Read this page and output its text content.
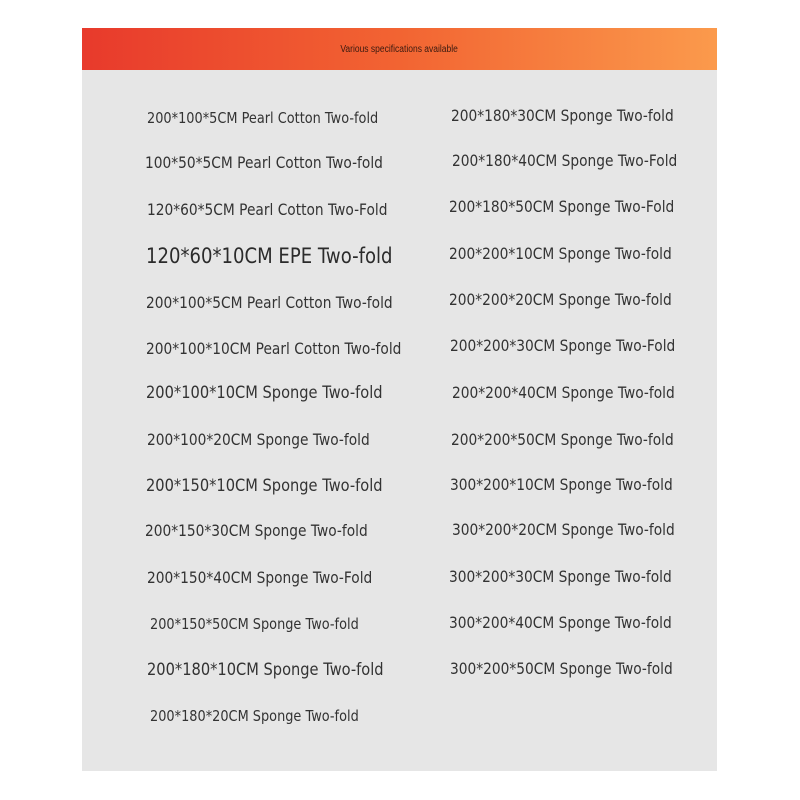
Various specifications available
200*100*5CM Pearl Cotton Two-fold
100*50*5CM Pearl Cotton Two-fold
120*60*5CM Pearl Cotton Two-Fold
120*60*10CM EPE Two-fold
200*100*5CM Pearl Cotton Two-fold
200*100*10CM Pearl Cotton Two-fold
200*100*10CM Sponge Two-fold
200*100*20CM Sponge Two-fold
200*150*10CM Sponge Two-fold
200*150*30CM Sponge Two-fold
200*150*40CM Sponge Two-Fold
200*150*50CM Sponge Two-fold
200*180*10CM Sponge Two-fold
200*180*20CM Sponge Two-fold
200*180*30CM Sponge Two-fold
200*180*40CM Sponge Two-Fold
200*180*50CM Sponge Two-Fold
200*200*10CM Sponge Two-fold
200*200*20CM Sponge Two-fold
200*200*30CM Sponge Two-Fold
200*200*40CM Sponge Two-fold
200*200*50CM Sponge Two-fold
300*200*10CM Sponge Two-fold
300*200*20CM Sponge Two-fold
300*200*30CM Sponge Two-fold
300*200*40CM Sponge Two-fold
300*200*50CM Sponge Two-fold
